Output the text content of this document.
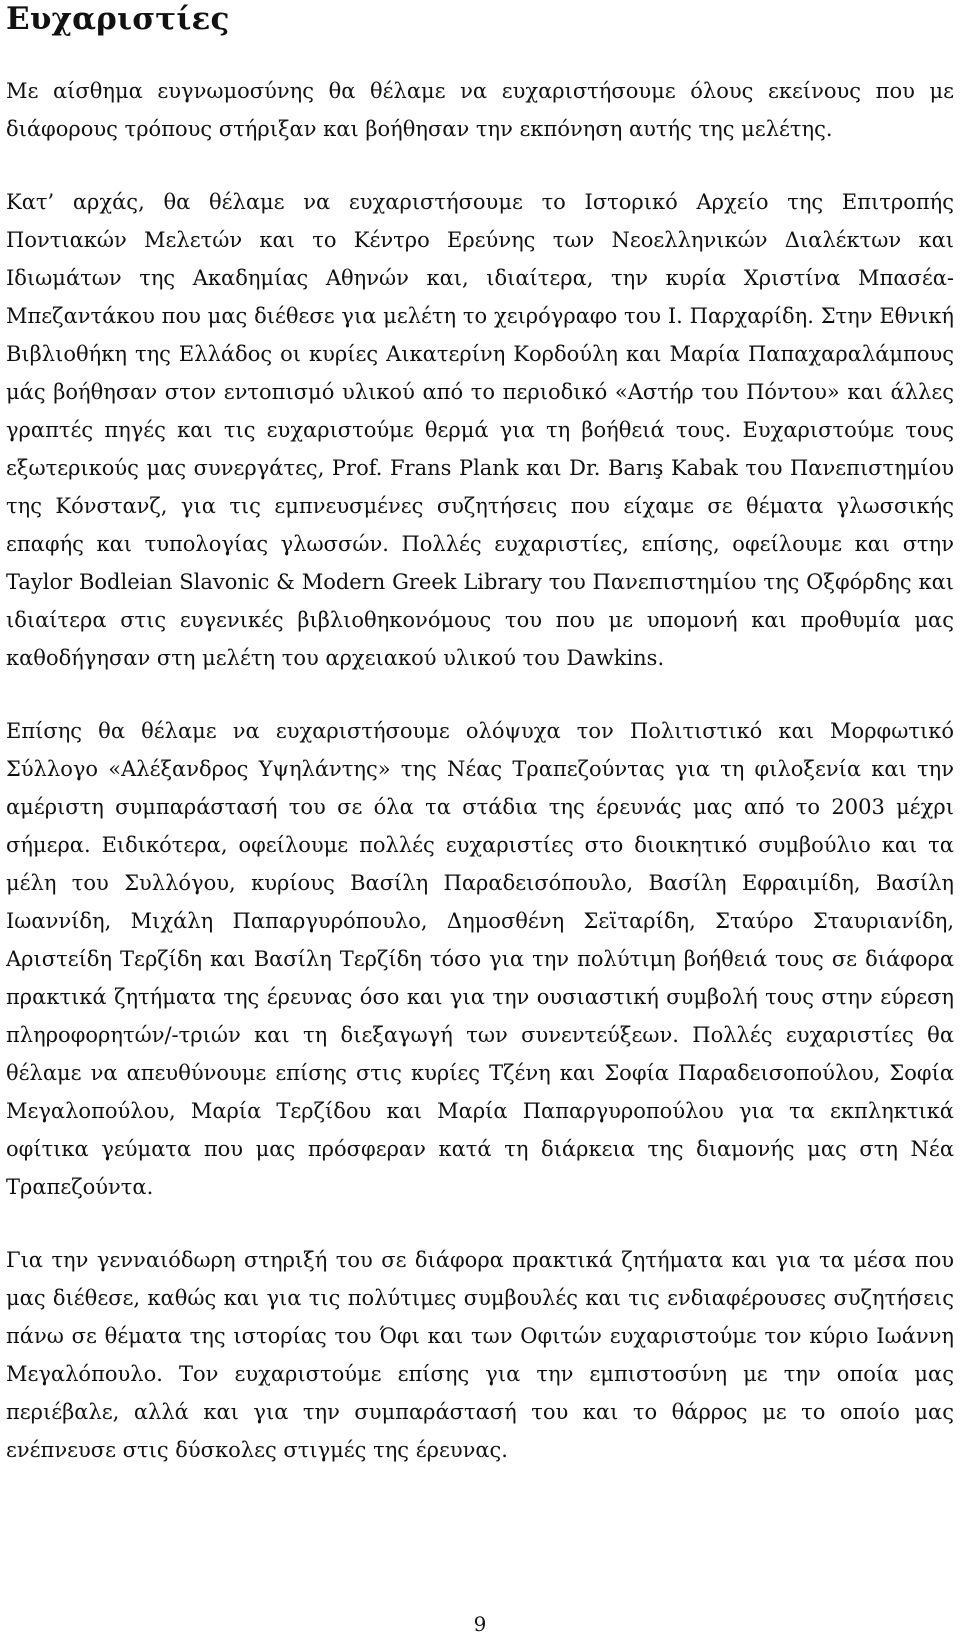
Ευχαριστίες

Με αίσθημα ευγνωμοσύνης θα θέλαμε να ευχαριστήσουμε όλους εκείνους που με διάφορους τρόπους στήριξαν και βοήθησαν την εκπόνηση αυτής της μελέτης.

Κατ’ αρχάς, θα θέλαμε να ευχαριστήσουμε το Ιστορικό Αρχείο της Επιτροπής Ποντιακών Μελετών και το Κέντρο Ερεύνης των Νεοελληνικών Διαλέκτων και Ιδιωμάτων της Ακαδημίας Αθηνών και, ιδιαίτερα, την κυρία Χριστίνα Μπασέα-Μπεζαντάκου που μας διέθεσε για μελέτη το χειρόγραφο του Ι. Παρχαρίδη. Στην Εθνική Βιβλιοθήκη της Ελλάδος οι κυρίες Αικατερίνη Κορδούλη και Μαρία Παπαχαραλάμπους μάς βοήθησαν στον εντοπισμό υλικού από το περιοδικό «Αστήρ του Πόντου» και άλλες γραπτές πηγές και τις ευχαριστούμε θερμά για τη βοήθειά τους. Ευχαριστούμε τους εξωτερικούς μας συνεργάτες, Prof. Frans Plank και Dr. Barış Kabak του Πανεπιστημίου της Κόνστανζ, για τις εμπνευσμένες συζητήσεις που είχαμε σε θέματα γλωσσικής επαφής και τυπολογίας γλωσσών. Πολλές ευχαριστίες, επίσης, οφείλουμε και στην Taylor Bodleian Slavonic & Modern Greek Library του Πανεπιστημίου της Οξφόρδης και ιδιαίτερα στις ευγενικές βιβλιοθηκονόμους του που με υπομονή και προθυμία μας καθοδήγησαν στη μελέτη του αρχειακού υλικού του Dawkins.

Επίσης θα θέλαμε να ευχαριστήσουμε ολόψυχα τον Πολιτιστικό και Μορφωτικό Σύλλογο «Αλέξανδρος Υψηλάντης» της Νέας Τραπεζούντας για τη φιλοξενία και την αμέριστη συμπαράστασή του σε όλα τα στάδια της έρευνάς μας από το 2003 μέχρι σήμερα. Ειδικότερα, οφείλουμε πολλές ευχαριστίες στο διοικητικό συμβούλιο και τα μέλη του Συλλόγου, κυρίους Βασίλη Παραδεισόπουλο, Βασίλη Εφραιμίδη, Βασίλη Ιωαννίδη, Μιχάλη Παπαργυρόπουλο, Δημοσθένη Σεϊταρίδη, Σταύρο Σταυριανίδη, Αριστείδη Τερζίδη και Βασίλη Τερζίδη τόσο για την πολύτιμη βοήθειά τους σε διάφορα πρακτικά ζητήματα της έρευνας όσο και για την ουσιαστική συμβολή τους στην εύρεση πληροφορητών/-τριών και τη διεξαγωγή των συνεντεύξεων. Πολλές ευχαριστίες θα θέλαμε να απευθύνουμε επίσης στις κυρίες Τζένη και Σοφία Παραδεισοπούλου, Σοφία Μεγαλοπούλου, Μαρία Τερζίδου και Μαρία Παπαργυροπούλου για τα εκπληκτικά οφίτικα γεύματα που μας πρόσφεραν κατά τη διάρκεια της διαμονής μας στη Νέα Τραπεζούντα.

Για την γενναιόδωρη στηριξή του σε διάφορα πρακτικά ζητήματα και για τα μέσα που μας διέθεσε, καθώς και για τις πολύτιμες συμβουλές και τις ενδιαφέρουσες συζητήσεις πάνω σε θέματα της ιστορίας του Όφι και των Οφιτών ευχαριστούμε τον κύριο Ιωάννη Μεγαλόπουλο. Τον ευχαριστούμε επίσης για την εμπιστοσύνη με την οποία μας περιέβαλε, αλλά και για την συμπαράστασή του και το θάρρος με το οποίο μας ενέπνευσε στις δύσκολες στιγμές της έρευνας.

9
